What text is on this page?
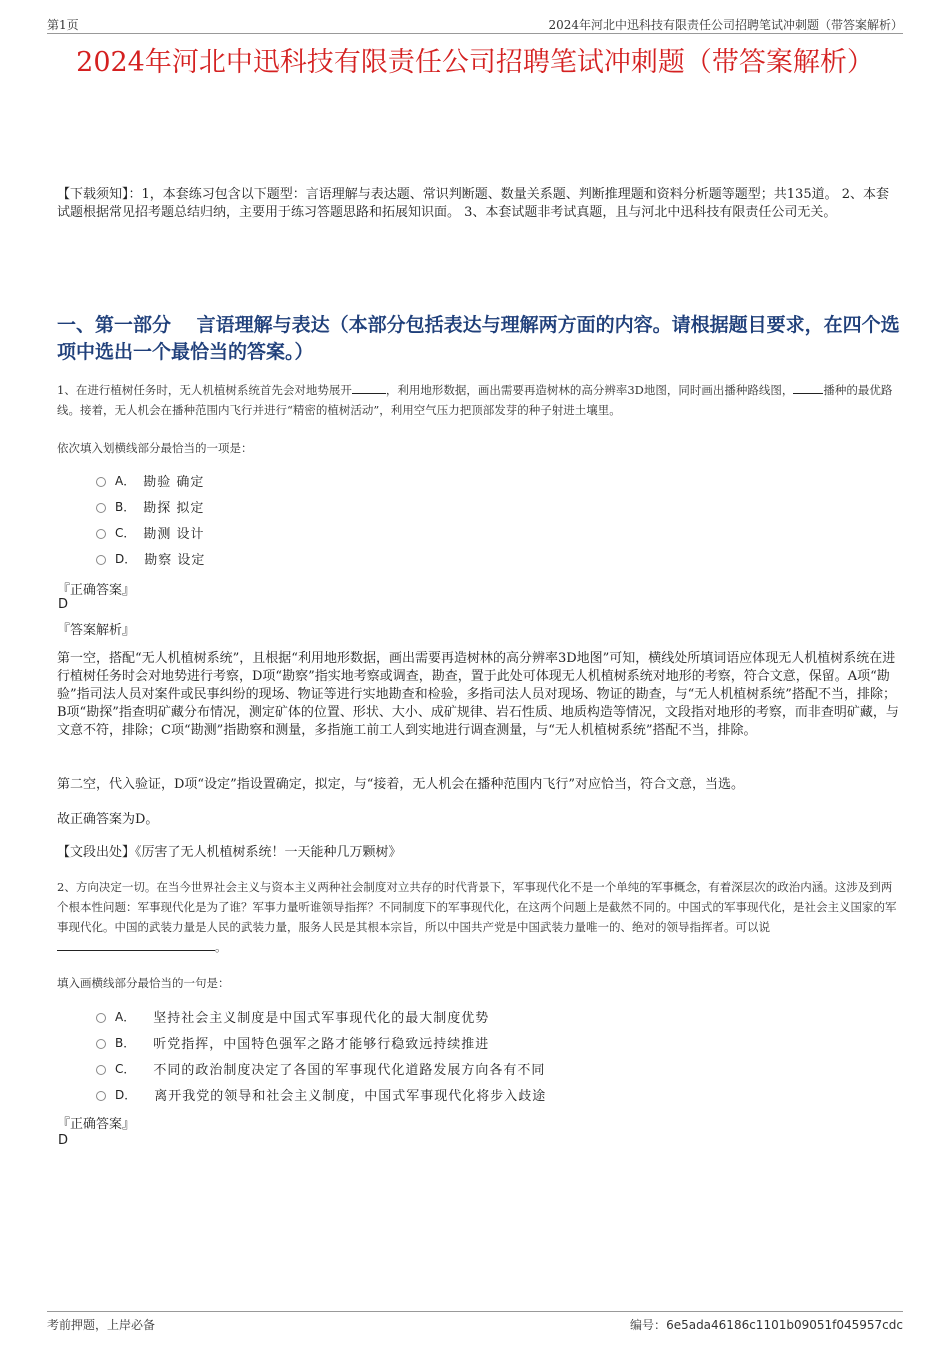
第1页	2024年河北中迅科技有限责任公司招聘笔试冲刺题（带答案解析）
2024年河北中迅科技有限责任公司招聘笔试冲刺题（带答案解析）

【下载须知】：1，本套练习包含以下题型：言语理解与表达题、常识判断题、数量关系题、判断推理题和资料分析题等题型；共135道。 2、本套试题根据常见招考题总结归纳，主要用于练习答题思路和拓展知识面。 3、本套试题非考试真题，且与河北中迅科技有限责任公司无关。

一、第一部分　 言语理解与表达（本部分包括表达与理解两方面的内容。请根据题目要求，在四个选项中选出一个最恰当的答案。）

1、在进行植树任务时，无人机植树系统首先会对地势展开	，利用地形数据，画出需要再造树林的高分辨率3D地图，同时画出播种路线图，	播种的最优路线。接着，无人机会在播种范围内飞行并进行“精密的植树活动”，利用空气压力把顶部发芽的种子射进土壤里。

依次填入划横线部分最恰当的一项是：

A． 勘验 确定
B． 勘探 拟定
C． 勘测 设计
D． 勘察 设定

『正确答案』

D

『答案解析』

第一空，搭配“无人机植树系统”，且根据“利用地形数据，画出需要再造树林的高分辨率3D地图”可知，横线处所填词语应体现无人机植树系统在进行植树任务时会对地势进行考察，D项“勘察”指实地考察或调查，勘查，置于此处可体现无人机植树系统对地形的考察，符合文意，保留。A项“勘验”指司法人员对案件或民事纠纷的现场、物证等进行实地勘查和检验，多指司法人员对现场、物证的勘查，与“无人机植树系统”搭配不当，排除；B项“勘探”指查明矿藏分布情况，测定矿体的位置、形状、大小、成矿规律、岩石性质、地质构造等情况，文段指对地形的考察，而非查明矿藏，与文意不符，排除；C项“勘测”指勘察和测量，多指施工前工人到实地进行调查测量，与“无人机植树系统”搭配不当，排除。

第二空，代入验证，D项“设定”指设置确定，拟定，与“接着，无人机会在播种范围内飞行”对应恰当，符合文意，当选。

故正确答案为D。

【文段出处】《厉害了无人机植树系统！一天能种几万颗树》

2、方向决定一切。在当今世界社会主义与资本主义两种社会制度对立共存的时代背景下，军事现代化不是一个单纯的军事概念，有着深层次的政治内涵。这涉及到两个根本性问题：军事现代化是为了谁？军事力量听谁领导指挥？不同制度下的军事现代化，在这两个问题上是截然不同的。中国式的军事现代化，是社会主义国家的军事现代化。中国的武装力量是人民的武装力量，服务人民是其根本宗旨，所以中国共产党是中国武装力量唯一的、绝对的领导指挥者。可以说。

填入画横线部分最恰当的一句是：

A． 坚持社会主义制度是中国式军事现代化的最大制度优势
B． 听党指挥，中国特色强军之路才能够行稳致远持续推进
C． 不同的政治制度决定了各国的军事现代化道路发展方向各有不同
D． 离开我党的领导和社会主义制度，中国式军事现代化将步入歧途

『正确答案』

D

考前押题，上岸必备	编号：6e5ada46186c1101b09051f045957cdc
